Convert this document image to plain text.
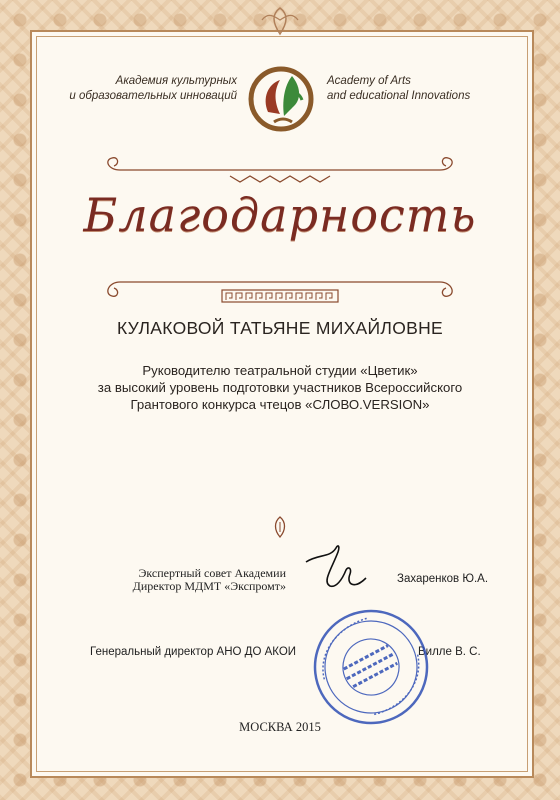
Академия культурных
и образовательных инноваций
Academy of Arts
and educational Innovations
Благодарность
КУЛАКОВОЙ ТАТЬЯНЕ МИХАЙЛОВНЕ
Руководителю театральной студии «Цветик»
за высокий уровень подготовки участников Всероссийского
Грантового конкурса чтецов «СЛОВО.VERSION»
Экспертный совет Академии
Директор МДМТ «Экспромт»	Захаренков Ю.А.
Генеральный директор АНО ДО АКОИ	Вилле В. С.
МОСКВА 2015
